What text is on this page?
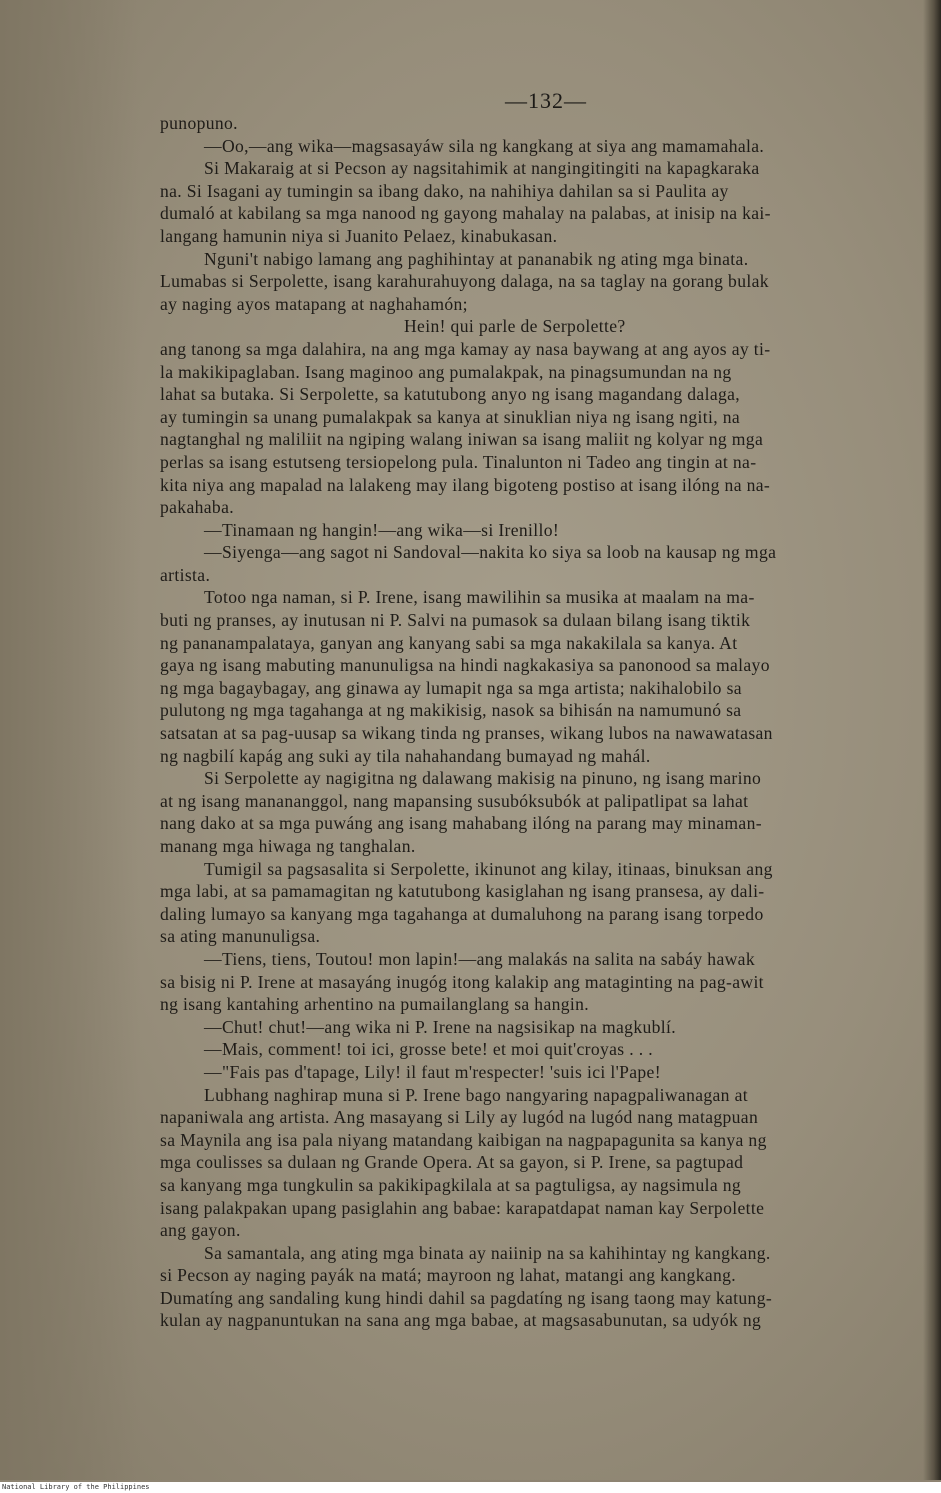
—132—
punopuno.
—Oo,—ang wika—magsasayáw sila ng kangkang at siya ang mamamahala.
Si Makaraig at si Pecson ay nagsitahimik at nangingitingiti na kapagkaraka
na. Si Isagani ay tumingin sa ibang dako, na nahihiya dahilan sa si Paulita ay
dumaló at kabilang sa mga nanood ng gayong mahalay na palabas, at inisip na kai-
langang hamunin niya si Juanito Pelaez, kinabukasan.
Nguni't nabigo lamang ang paghihintay at pananabik ng ating mga binata.
Lumabas si Serpolette, isang karahurahuyong dalaga, na sa taglay na gorang bulak
ay naging ayos matapang at naghahamón;
Hein! qui parle de Serpolette?
ang tanong sa mga dalahira, na ang mga kamay ay nasa baywang at ang ayos ay ti-
la makikipaglaban. Isang maginoo ang pumalakpak, na pinagsumundan na ng
lahat sa butaka. Si Serpolette, sa katutubong anyo ng isang magandang dalaga,
ay tumingin sa unang pumalakpak sa kanya at sinuklian niya ng isang ngiti, na
nagtanghal ng maliliit na ngiping walang iniwan sa isang maliit ng kolyar ng mga
perlas sa isang estutseng tersiopelong pula. Tinalunton ni Tadeo ang tingin at na-
kita niya ang mapalad na lalakeng may ilang bigoteng postiso at isang ilóng na na-
pakahaba.
—Tinamaan ng hangin!—ang wika—si Irenillo!
—Siyenga—ang sagot ni Sandoval—nakita ko siya sa loob na kausap ng mga
artista.
Totoo nga naman, si P. Irene, isang mawilihin sa musika at maalam na ma-
buti ng pranses, ay inutusan ni P. Salvi na pumasok sa dulaan bilang isang tiktik
ng pananampalataya, ganyan ang kanyang sabi sa mga nakakilala sa kanya. At
gaya ng isang mabuting manunuligsa na hindi nagkakasiya sa panonood sa malayo
ng mga bagaybagay, ang ginawa ay lumapit nga sa mga artista; nakihalobilo sa
pulutong ng mga tagahanga at ng makikisig, nasok sa bihisán na namumunó sa
satsatan at sa pag-uusap sa wikang tinda ng pranses, wikang lubos na nawawatasan
ng nagbilí kapág ang suki ay tila nahahandang bumayad ng mahál.
Si Serpolette ay nagigitna ng dalawang makisig na pinuno, ng isang marino
at ng isang manananggol, nang mapansing susubóksubók at palipatlipat sa lahat
nang dako at sa mga puwáng ang isang mahabang ilóng na parang may minaman-
manang mga hiwaga ng tanghalan.
Tumigil sa pagsasalita si Serpolette, ikinunot ang kilay, itinaas, binuksan ang
mga labi, at sa pamamagitan ng katutubong kasiglahan ng isang pransesa, ay dali-
daling lumayo sa kanyang mga tagahanga at dumaluhong na parang isang torpedo
sa ating manunuligsa.
—Tiens, tiens, Toutou! mon lapin!—ang malakás na salita na sabáy hawak
sa bisig ni P. Irene at masayáng inugóg itong kalakip ang mataginting na pag-awit
ng isang kantahing arhentino na pumailanglang sa hangin.
—Chut! chut!—ang wika ni P. Irene na nagsisikap na magkublí.
—Mais, comment! toi ici, grosse bete! et moi quit'croyas . . .
—"Fais pas d'tapage, Lily! il faut m'respecter! 'suis ici l'Pape!
Lubhang naghirap muna si P. Irene bago nangyaring napagpaliwanagan at
napaniwala ang artista. Ang masayang si Lily ay lugód na lugód nang matagpuan
sa Maynila ang isa pala niyang matandang kaibigan na nagpapagunita sa kanya ng
mga coulisses sa dulaan ng Grande Opera. At sa gayon, si P. Irene, sa pagtupad
sa kanyang mga tungkulin sa pakikipagkilala at sa pagtuligsa, ay nagsimula ng
isang palakpakan upang pasiglahin ang babae: karapatdapat naman kay Serpolette
ang gayon.
Sa samantala, ang ating mga binata ay naiinip na sa kahihintay ng kangkang.
si Pecson ay naging payák na matá; mayroon ng lahat, matangi ang kangkang.
Dumatíng ang sandaling kung hindi dahil sa pagdatíng ng isang taong may katung-
kulan ay nagpanuntukan na sana ang mga babae, at magsasabunutan, sa udyók ng
National Library of the Philippines
